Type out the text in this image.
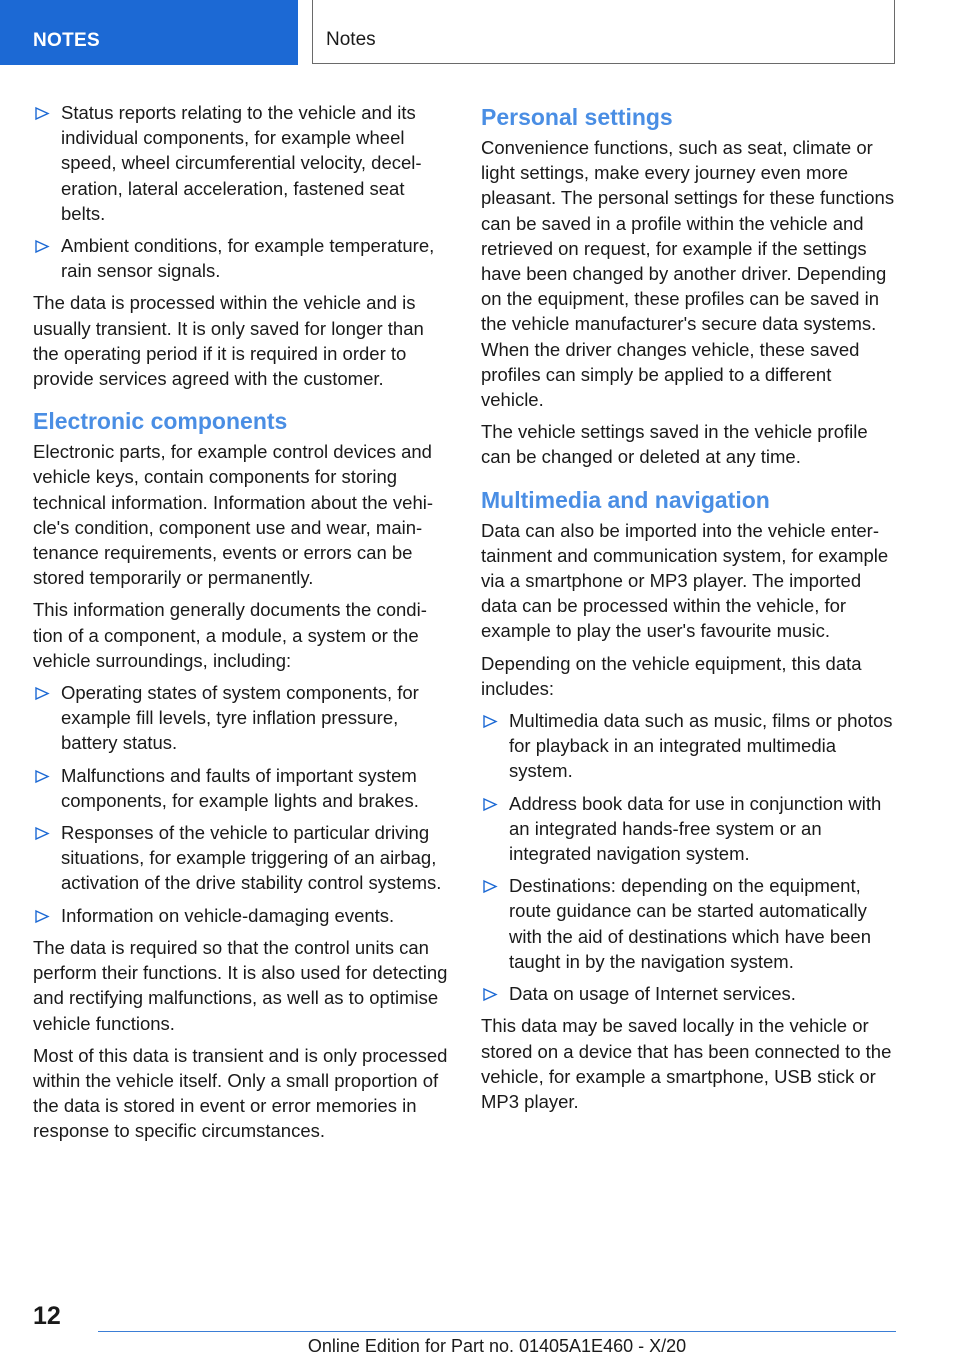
NOTES	Notes
Status reports relating to the vehicle and its individual components, for example wheel speed, wheel circumferential velocity, deceleration, lateral acceleration, fastened seat belts.
Ambient conditions, for example temperature, rain sensor signals.

The data is processed within the vehicle and is usually transient. It is only saved for longer than the operating period if it is required in order to provide services agreed with the customer.

Electronic components

Electronic parts, for example control devices and vehicle keys, contain components for storing technical information. Information about the vehicle's condition, component use and wear, maintenance requirements, events or errors can be stored temporarily or permanently.

This information generally documents the condition of a component, a module, a system or the vehicle surroundings, including:

Operating states of system components, for example fill levels, tyre inflation pressure, battery status.
Malfunctions and faults of important system components, for example lights and brakes.
Responses of the vehicle to particular driving situations, for example triggering of an airbag, activation of the drive stability control systems.
Information on vehicle-damaging events.

The data is required so that the control units can perform their functions. It is also used for detecting and rectifying malfunctions, as well as to optimise vehicle functions.

Most of this data is transient and is only processed within the vehicle itself. Only a small proportion of the data is stored in event or error memories in response to specific circumstances.

Personal settings

Convenience functions, such as seat, climate or light settings, make every journey even more pleasant. The personal settings for these functions can be saved in a profile within the vehicle and retrieved on request, for example if the settings have been changed by another driver. Depending on the equipment, these profiles can be saved in the vehicle manufacturer's secure data systems. When the driver changes vehicle, these saved profiles can simply be applied to a different vehicle.

The vehicle settings saved in the vehicle profile can be changed or deleted at any time.

Multimedia and navigation

Data can also be imported into the vehicle entertainment and communication system, for example via a smartphone or MP3 player. The imported data can be processed within the vehicle, for example to play the user's favourite music.

Depending on the vehicle equipment, this data includes:

Multimedia data such as music, films or photos for playback in an integrated multimedia system.
Address book data for use in conjunction with an integrated hands-free system or an integrated navigation system.
Destinations: depending on the equipment, route guidance can be started automatically with the aid of destinations which have been taught in by the navigation system.
Data on usage of Internet services.

This data may be saved locally in the vehicle or stored on a device that has been connected to the vehicle, for example a smartphone, USB stick or MP3 player.

12
Online Edition for Part no. 01405A1E460 - X/20
